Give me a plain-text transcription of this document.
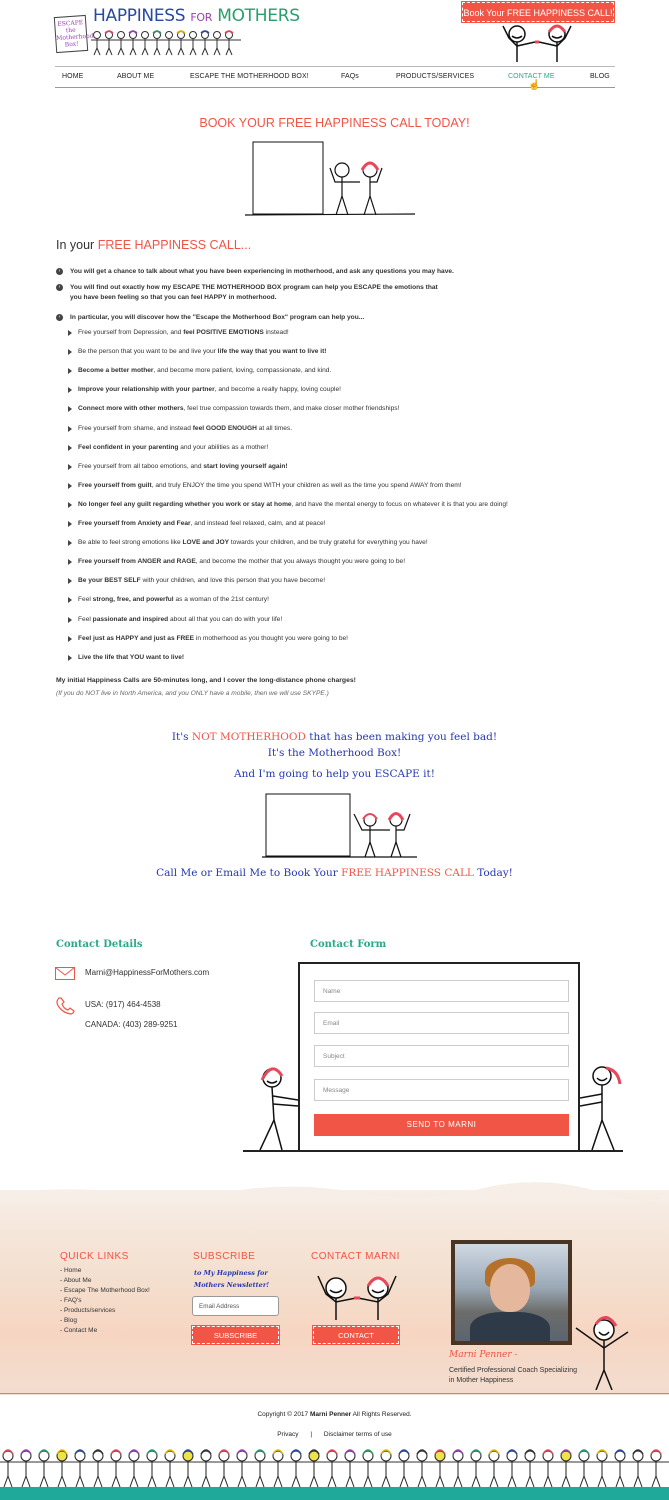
ESCAPE
the
Motherhood
Box!
HAPPINESS FOR MOTHERS	Book Your FREE HAPPINESS CALL!
HOME	ABOUT ME	ESCAPE THE MOTHERHOOD BOX!	FAQs	PRODUCTS/SERVICES	CONTACT ME	BLOG
☝
BOOK YOUR FREE HAPPINESS CALL TODAY!
In your FREE HAPPINESS CALL...
›	You will get a chance to talk about what you have been experiencing in motherhood, and ask any questions you may have.
›	You will find out exactly how my ESCAPE THE MOTHERHOOD BOX program can help you ESCAPE the emotions that
you have been feeling so that you can feel HAPPY in motherhood.
›	In particular, you will discover how the "Escape the Motherhood Box" program can help you...
Free yourself from Depression, and feel POSITIVE EMOTIONS instead!
Be the person that you want to be and live your life the way that you want to live it!
Become a better mother, and become more patient, loving, compassionate, and kind.
Improve your relationship with your partner, and become a really happy, loving couple!
Connect more with other mothers, feel true compassion towards them, and make closer mother friendships!
Free yourself from shame, and instead feel GOOD ENOUGH at all times.
Feel confident in your parenting and your abilities as a mother!
Free yourself from all taboo emotions, and start loving yourself again!
Free yourself from guilt, and truly ENJOY the time you spend WITH your children as well as the time you spend AWAY from them!
No longer feel any guilt regarding whether you work or stay at home, and have the mental energy to focus on whatever it is that you are doing!
Free yourself from Anxiety and Fear, and instead feel relaxed, calm, and at peace!
Be able to feel strong emotions like LOVE and JOY towards your children, and be truly grateful for everything you have!
Free yourself from ANGER and RAGE, and become the mother that you always thought you were going to be!
Be your BEST SELF with your children, and love this person that you have become!
Feel strong, free, and powerful as a woman of the 21st century!
Feel passionate and inspired about all that you can do with your life!
Feel just as HAPPY and just as FREE in motherhood as you thought you were going to be!
Live the life that YOU want to live!
My initial Happiness Calls are 50-minutes long, and I cover the long-distance phone charges!
(If you do NOT live in North America, and you ONLY have a mobile, then we will use SKYPE.)
It's NOT MOTHERHOOD that has been making you feel bad!
It's the Motherhood Box!
And I'm going to help you ESCAPE it!
Call Me or Email Me to Book Your FREE HAPPINESS CALL Today!
Contact Details	Contact Form
Marni@HappinessForMothers.com
USA: (917) 464-4538
CANADA: (403) 289-9251
Name
Email
Subject
Message
SEND TO MARNI
QUICK LINKS
- Home
- About Me
- Escape The Motherhood Box!
- FAQ's
- Products/services
- Blog
- Contact Me
SUBSCRIBE
to My Happiness for
Mothers Newsletter!
Email Address
SUBSCRIBE
CONTACT MARNI
CONTACT
Marni Penner -
Certified Professional Coach Specializing
in Mother Happiness
Copyright © 2017 Marni Penner All Rights Reserved.
Privacy | Disclaimer terms of use
